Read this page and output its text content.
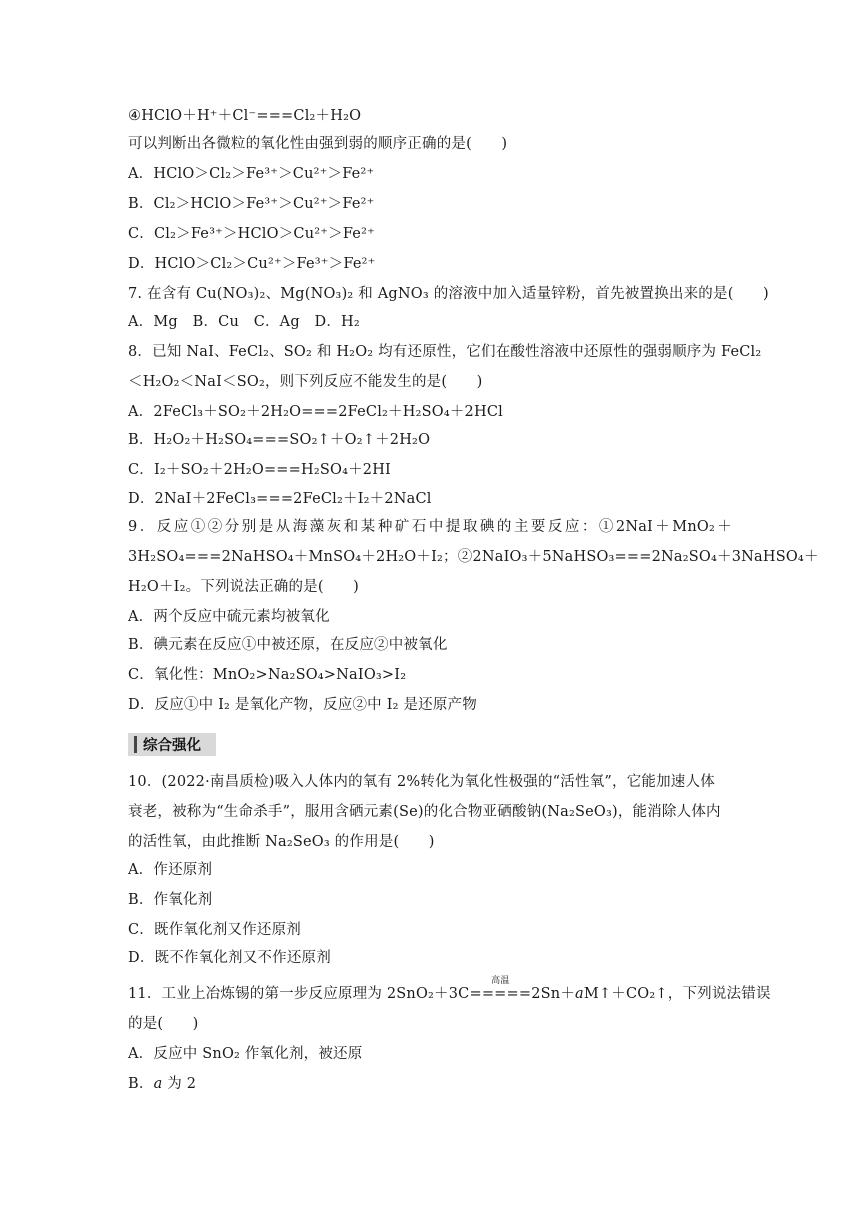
④HClO＋H⁺＋Cl⁻===Cl₂＋H₂O
可以判断出各微粒的氧化性由强到弱的顺序正确的是(　　)
A．HClO＞Cl₂＞Fe³⁺＞Cu²⁺＞Fe²⁺
B．Cl₂＞HClO＞Fe³⁺＞Cu²⁺＞Fe²⁺
C．Cl₂＞Fe³⁺＞HClO＞Cu²⁺＞Fe²⁺
D．HClO＞Cl₂＞Cu²⁺＞Fe³⁺＞Fe²⁺
7. 在含有 Cu(NO₃)₂、Mg(NO₃)₂ 和 AgNO₃ 的溶液中加入适量锌粉，首先被置换出来的是(　　)
A．Mg　B．Cu　C．Ag　D．H₂
8．已知 NaI、FeCl₂、SO₂ 和 H₂O₂ 均有还原性，它们在酸性溶液中还原性的强弱顺序为 FeCl₂
＜H₂O₂＜NaI＜SO₂，则下列反应不能发生的是(　　)
A．2FeCl₃＋SO₂＋2H₂O===2FeCl₂＋H₂SO₄＋2HCl
B．H₂O₂＋H₂SO₄===SO₂↑＋O₂↑＋2H₂O
C．I₂＋SO₂＋2H₂O===H₂SO₄＋2HI
D．2NaI＋2FeCl₃===2FeCl₂＋I₂＋2NaCl
9．反应①②分别是从海藻灰和某种矿石中提取碘的主要反应：①2NaI＋MnO₂＋
3H₂SO₄===2NaHSO₄＋MnSO₄＋2H₂O＋I₂；②2NaIO₃＋5NaHSO₃===2Na₂SO₄＋3NaHSO₄＋
H₂O＋I₂。下列说法正确的是(　　)
A．两个反应中硫元素均被氧化
B．碘元素在反应①中被还原，在反应②中被氧化
C．氧化性：MnO₂>Na₂SO₄>NaIO₃>I₂
D．反应①中 I₂ 是氧化产物，反应②中 I₂ 是还原产物
综合强化
10．(2022·南昌质检)吸入人体内的氧有 2%转化为氧化性极强的“活性氧”，它能加速人体
衰老，被称为“生命杀手”，服用含硒元素(Se)的化合物亚硒酸钠(Na₂SeO₃)，能消除人体内
的活性氧，由此推断 Na₂SeO₃ 的作用是(　　)
A．作还原剂
B．作氧化剂
C．既作氧化剂又作还原剂
D．既不作氧化剂又不作还原剂
11．工业上冶炼锡的第一步反应原理为 2SnO₂＋3C
高温
=====2Sn＋aM↑＋CO₂↑，下列说法错误
的是(　　)
A．反应中 SnO₂ 作氧化剂，被还原
B．a 为 2
